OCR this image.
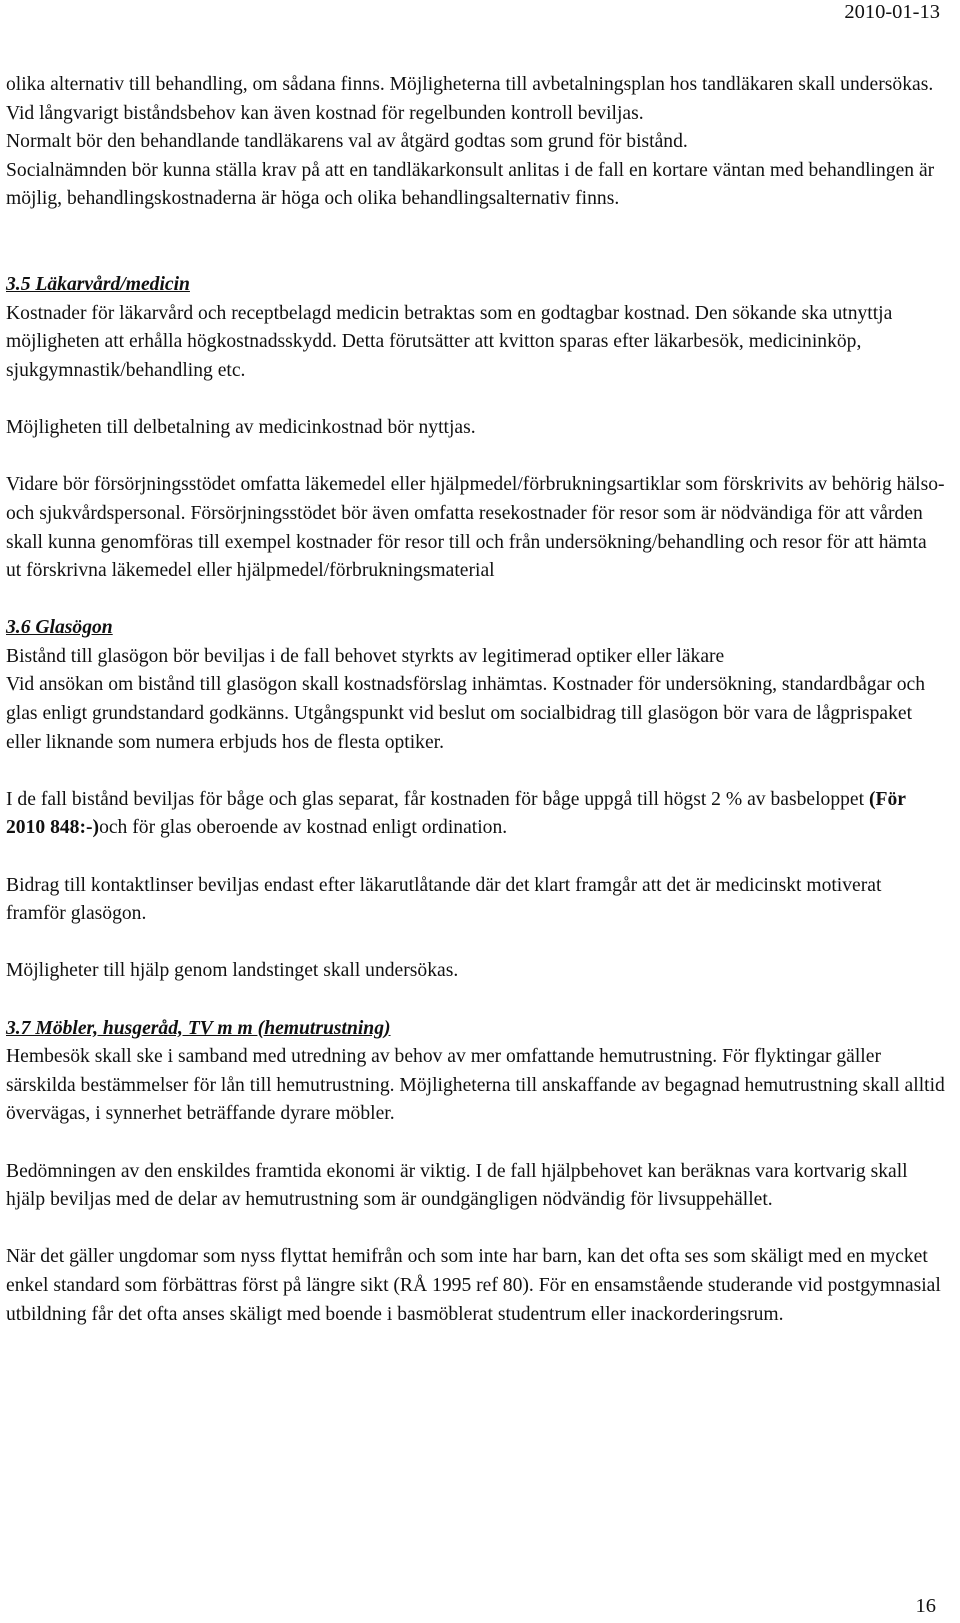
2010-01-13

olika alternativ till behandling, om sådana finns. Möjligheterna till avbetalningsplan hos tandläkaren skall undersökas.

Vid långvarigt biståndsbehov kan även kostnad för regelbunden kontroll beviljas.

Normalt bör den behandlande tandläkarens val av åtgärd godtas som grund för bistånd.

Socialnämnden bör kunna ställa krav på att en tandläkarkonsult anlitas i de fall en kortare väntan med behandlingen är möjlig, behandlingskostnaderna är höga och olika behandlingsalternativ finns.

3.5 Läkarvård/medicin

Kostnader för läkarvård och receptbelagd medicin betraktas som en godtagbar kostnad. Den sökande ska utnyttja möjligheten att erhålla högkostnadsskydd. Detta förutsätter att kvitton sparas efter läkarbesök, medicininköp, sjukgymnastik/behandling etc.

Möjligheten till delbetalning av medicinkostnad bör nyttjas.

Vidare bör försörjningsstödet omfatta läkemedel eller hjälpmedel/förbrukningsartiklar som förskrivits av behörig hälso- och sjukvårdspersonal. Försörjningsstödet bör även omfatta resekostnader för resor som är nödvändiga för att vården skall kunna genomföras till exempel kostnader för resor till och från undersökning/behandling och resor för att hämta ut förskrivna läkemedel eller hjälpmedel/förbrukningsmaterial

3.6 Glasögon

Bistånd till glasögon bör beviljas i de fall behovet styrkts av legitimerad optiker eller läkare

Vid ansökan om bistånd till glasögon skall kostnadsförslag inhämtas. Kostnader för undersökning, standardbågar och glas enligt grundstandard godkänns. Utgångspunkt vid beslut om socialbidrag till glasögon bör vara de lågprispaket eller liknande som numera erbjuds hos de flesta optiker.

I de fall bistånd beviljas för båge och glas separat, får kostnaden för båge uppgå till högst 2 % av basbeloppet (För 2010 848:-)och för glas oberoende av kostnad enligt ordination.

Bidrag till kontaktlinser beviljas endast efter läkarutlåtande där det klart framgår att det är medicinskt motiverat framför glasögon.

Möjligheter till hjälp genom landstinget skall undersökas.

3.7 Möbler, husgeråd, TV m m (hemutrustning)

Hembesök skall ske i samband med utredning av behov av mer omfattande hemutrustning. För flyktingar gäller särskilda bestämmelser för lån till hemutrustning. Möjligheterna till anskaffande av begagnad hemutrustning skall alltid övervägas, i synnerhet beträffande dyrare möbler.

Bedömningen av den enskildes framtida ekonomi är viktig. I de fall hjälpbehovet kan beräknas vara kortvarig skall hjälp beviljas med de delar av hemutrustning som är oundgängligen nödvändig för livsuppehället.

När det gäller ungdomar som nyss flyttat hemifrån och som inte har barn, kan det ofta ses som skäligt med en mycket enkel standard som förbättras först på längre sikt (RÅ 1995 ref 80). För en ensamstående studerande vid postgymnasial utbildning får det ofta anses skäligt med boende i basmöblerat studentrum eller inackorderingsrum.

16
